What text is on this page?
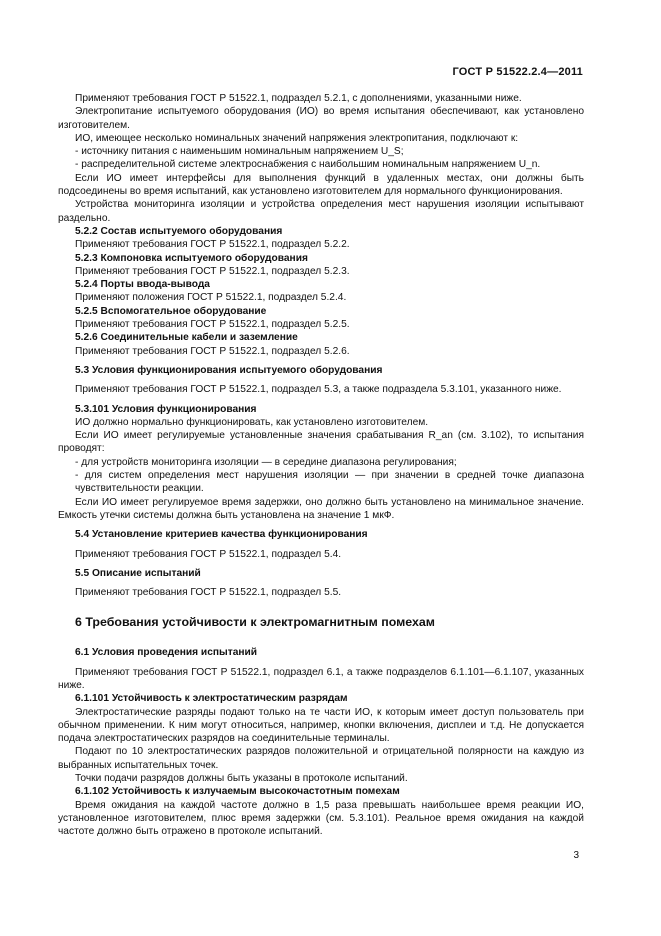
ГОСТ Р 51522.2.4—2011

Применяют требования ГОСТ Р 51522.1, подраздел 5.2.1, с дополнениями, указанными ниже.

Электропитание испытуемого оборудования (ИО) во время испытания обеспечивают, как установлено изготовителем.

ИО, имеющее несколько номинальных значений напряжения электропитания, подключают к:

- источнику питания с наименьшим номинальным напряжением U_S;

- распределительной системе электроснабжения с наибольшим номинальным напряжением U_n.

Если ИО имеет интерфейсы для выполнения функций в удаленных местах, они должны быть подсоединены во время испытаний, как установлено изготовителем для нормального функционирования.

Устройства мониторинга изоляции и устройства определения мест нарушения изоляции испытывают раздельно.

5.2.2 Состав испытуемого оборудования

Применяют требования ГОСТ Р 51522.1, подраздел 5.2.2.

5.2.3 Компоновка испытуемого оборудования

Применяют требования ГОСТ Р 51522.1, подраздел 5.2.3.

5.2.4 Порты ввода-вывода

Применяют положения ГОСТ Р 51522.1, подраздел 5.2.4.

5.2.5 Вспомогательное оборудование

Применяют требования ГОСТ Р 51522.1, подраздел 5.2.5.

5.2.6 Соединительные кабели и заземление

Применяют требования ГОСТ Р 51522.1, подраздел 5.2.6.

5.3 Условия функционирования испытуемого оборудования

Применяют требования ГОСТ Р 51522.1, подраздел 5.3, а также подраздела 5.3.101, указанного ниже.

5.3.101 Условия функционирования

ИО должно нормально функционировать, как установлено изготовителем.

Если ИО имеет регулируемые установленные значения срабатывания R_an (см. 3.102), то испытания проводят:

- для устройств мониторинга изоляции — в середине диапазона регулирования;

- для систем определения мест нарушения изоляции — при значении в средней точке диапазона чувствительности реакции.

Если ИО имеет регулируемое время задержки, оно должно быть установлено на минимальное значение. Емкость утечки системы должна быть установлена на значение 1 мкФ.

5.4 Установление критериев качества функционирования

Применяют требования ГОСТ Р 51522.1, подраздел 5.4.

5.5 Описание испытаний

Применяют требования ГОСТ Р 51522.1, подраздел 5.5.

6 Требования устойчивости к электромагнитным помехам

6.1 Условия проведения испытаний

Применяют требования ГОСТ Р 51522.1, подраздел 6.1, а также подразделов 6.1.101—6.1.107, указанных ниже.

6.1.101 Устойчивость к электростатическим разрядам

Электростатические разряды подают только на те части ИО, к которым имеет доступ пользователь при обычном применении. К ним могут относиться, например, кнопки включения, дисплеи и т.д. Не допускается подача электростатических разрядов на соединительные терминалы.

Подают по 10 электростатических разрядов положительной и отрицательной полярности на каждую из выбранных испытательных точек.

Точки подачи разрядов должны быть указаны в протоколе испытаний.

6.1.102 Устойчивость к излучаемым высокочастотным помехам

Время ожидания на каждой частоте должно в 1,5 раза превышать наибольшее время реакции ИО, установленное изготовителем, плюс время задержки (см. 5.3.101). Реальное время ожидания на каждой частоте должно быть отражено в протоколе испытаний.

3
